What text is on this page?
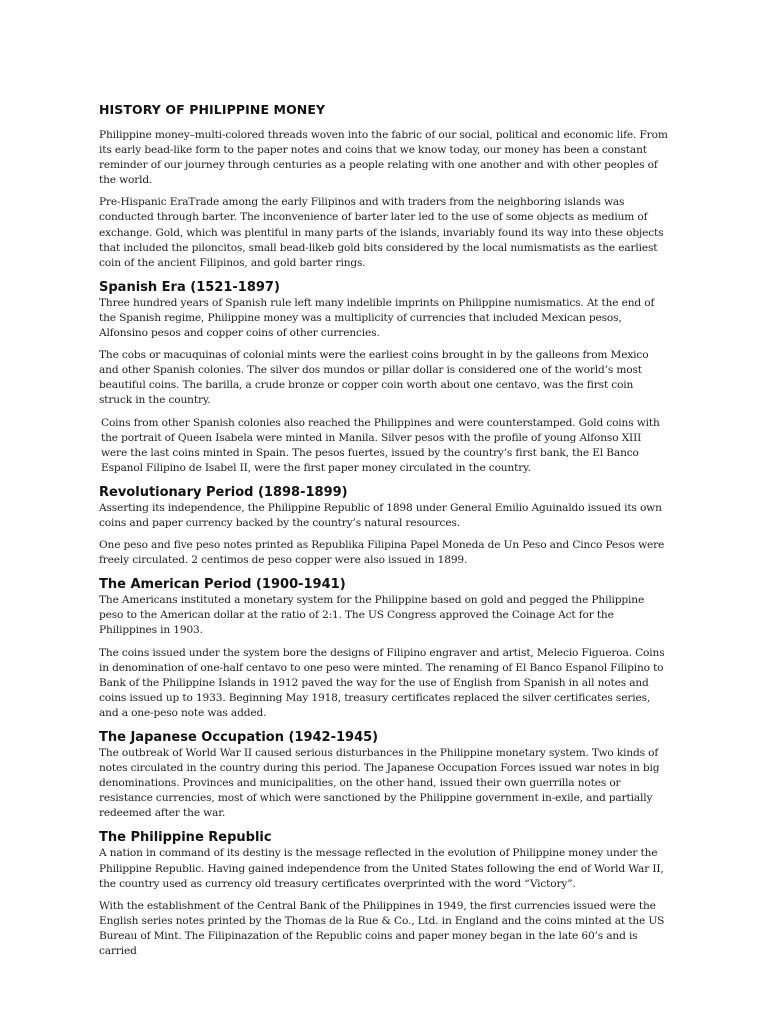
HISTORY OF PHILIPPINE MONEY

Philippine money–multi-colored threads woven into the fabric of our social, political and economic life. From its early bead-like form to the paper notes and coins that we know today, our money has been a constant reminder of our journey through centuries as a people relating with one another and with other peoples of the world.

Pre-Hispanic EraTrade among the early Filipinos and with traders from the neighboring islands was conducted through barter. The inconvenience of barter later led to the use of some objects as medium of exchange. Gold, which was plentiful in many parts of the islands, invariably found its way into these objects that included the piloncitos, small bead-likeb gold bits considered by the local numismatists as the earliest coin of the ancient Filipinos, and gold barter rings.

Spanish Era (1521-1897)

Three hundred years of Spanish rule left many indelible imprints on Philippine numismatics. At the end of the Spanish regime, Philippine money was a multiplicity of currencies that included Mexican pesos, Alfonsino pesos and copper coins of other currencies.

The cobs or macuquinas of colonial mints were the earliest coins brought in by the galleons from Mexico and other Spanish colonies. The silver dos mundos or pillar dollar is considered one of the world’s most beautiful coins. The barilla, a crude bronze or copper coin worth about one centavo, was the first coin struck in the country.

Coins from other Spanish colonies also reached the Philippines and were counterstamped. Gold coins with the portrait of Queen Isabela were minted in Manila. Silver pesos with the profile of young Alfonso XIII were the last coins minted in Spain. The pesos fuertes, issued by the country’s first bank, the El Banco Espanol Filipino de Isabel II, were the first paper money circulated in the country.

Revolutionary Period (1898-1899)

Asserting its independence, the Philippine Republic of 1898 under General Emilio Aguinaldo issued its own coins and paper currency backed by the country’s natural resources.

One peso and five peso notes printed as Republika Filipina Papel Moneda de Un Peso and Cinco Pesos were freely circulated. 2 centimos de peso copper were also issued in 1899.

The American Period (1900-1941)

The Americans instituted a monetary system for the Philippine based on gold and pegged the Philippine peso to the American dollar at the ratio of 2:1. The US Congress approved the Coinage Act for the Philippines in 1903.

The coins issued under the system bore the designs of Filipino engraver and artist, Melecio Figueroa. Coins in denomination of one-half centavo to one peso were minted. The renaming of El Banco Espanol Filipino to Bank of the Philippine Islands in 1912 paved the way for the use of English from Spanish in all notes and coins issued up to 1933. Beginning May 1918, treasury certificates replaced the silver certificates series, and a one-peso note was added.

The Japanese Occupation (1942-1945)

The outbreak of World War II caused serious disturbances in the Philippine monetary system. Two kinds of notes circulated in the country during this period. The Japanese Occupation Forces issued war notes in big denominations. Provinces and municipalities, on the other hand, issued their own guerrilla notes or resistance currencies, most of which were sanctioned by the Philippine government in-exile, and partially redeemed after the war.

The Philippine Republic

A nation in command of its destiny is the message reflected in the evolution of Philippine money under the Philippine Republic. Having gained independence from the United States following the end of World War II, the country used as currency old treasury certificates overprinted with the word “Victory”.

With the establishment of the Central Bank of the Philippines in 1949, the first currencies issued were the English series notes printed by the Thomas de la Rue & Co., Ltd. in England and the coins minted at the US Bureau of Mint. The Filipinazation of the Republic coins and paper money began in the late 60’s and is carried
